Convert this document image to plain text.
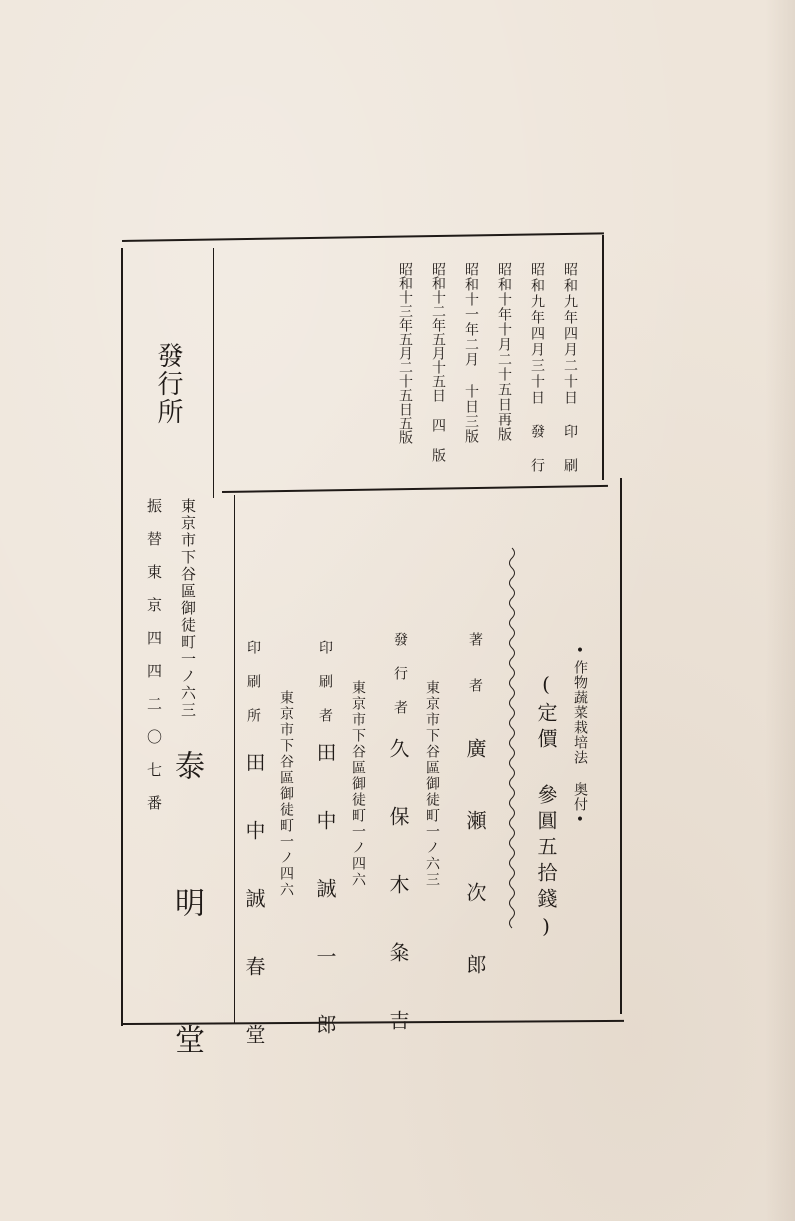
昭和九年四月二十日 印 刷
昭和九年四月三十日 發 行
昭和十年十月二十五日再版
昭和十一年二月 十日三版
昭和十二年五月十五日 四 版
昭和十三年五月二十五日五版
•作物蔬菜栽培法 奥付•
(定價 參圓五拾錢)
著 者
廣 瀬 次 郎
東京市下谷區御徒町一ノ六三
發 行 者
久 保 木 粂 吉
東京市下谷區御徒町一ノ四六
印 刷 者
田 中 誠 一 郎
東京市下谷區御徒町一ノ四六
印 刷 所
田 中 誠 春 堂
發行所
東京市下谷區御徒町一ノ六三
振 替 東 京 四 四 二 〇 七 番
泰 明 堂
